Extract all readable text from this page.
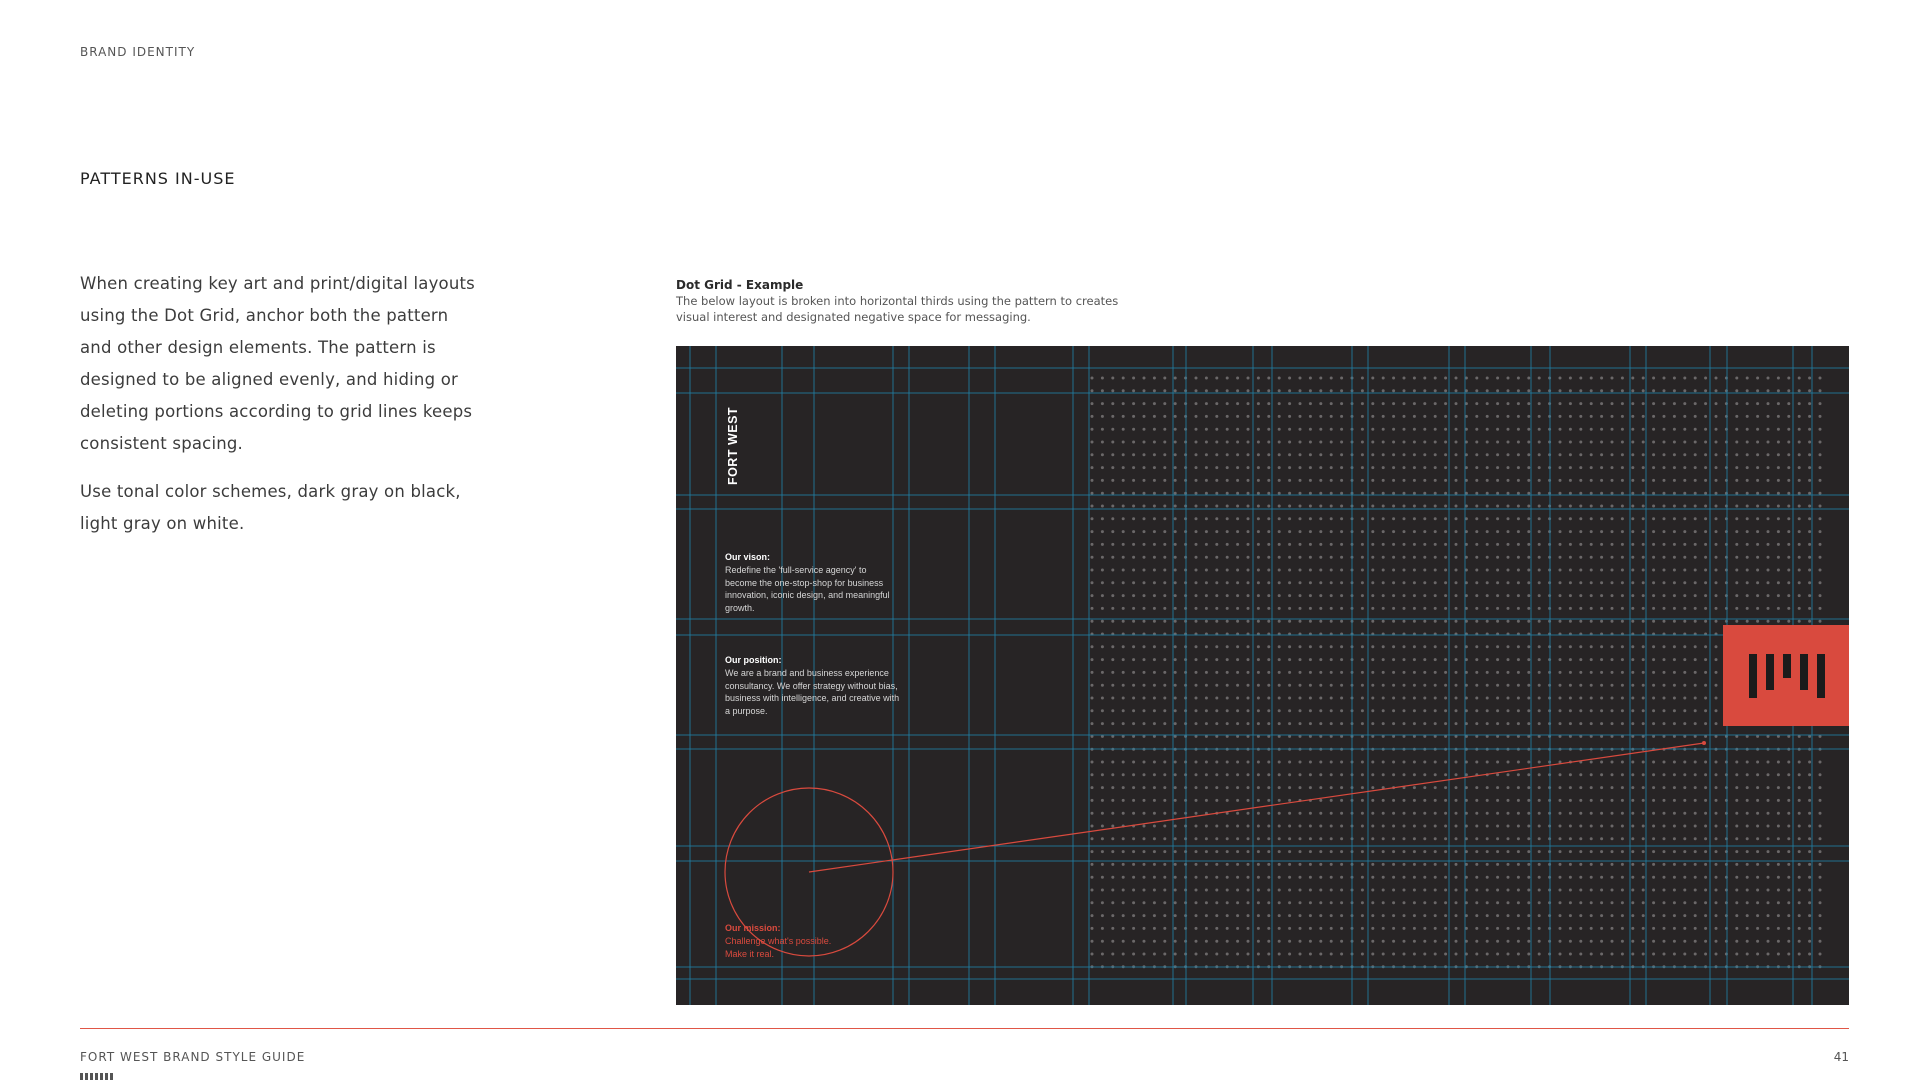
BRAND IDENTITY
PATTERNS IN-USE

When creating key art and print/digital layouts using the Dot Grid, anchor both the pattern and other design elements. The pattern is designed to be aligned evenly, and hiding or deleting portions according to grid lines keeps consistent spacing.

Use tonal color schemes, dark gray on black, light gray on white.

Dot Grid - Example
The below layout is broken into horizontal thirds using the pattern to creates visual interest and designated negative space for messaging.
FORT WEST
Our vison:
Redefine the 'full-service agency' to become the one-stop-shop for business innovation, iconic design, and meaningful growth.
Our position:
We are a brand and business experience consultancy. We offer strategy without bias, business with intelligence, and creative with a purpose.
Our mission:
Challenge what's possible. Make it real.
FORT WEST BRAND STYLE GUIDE	41
